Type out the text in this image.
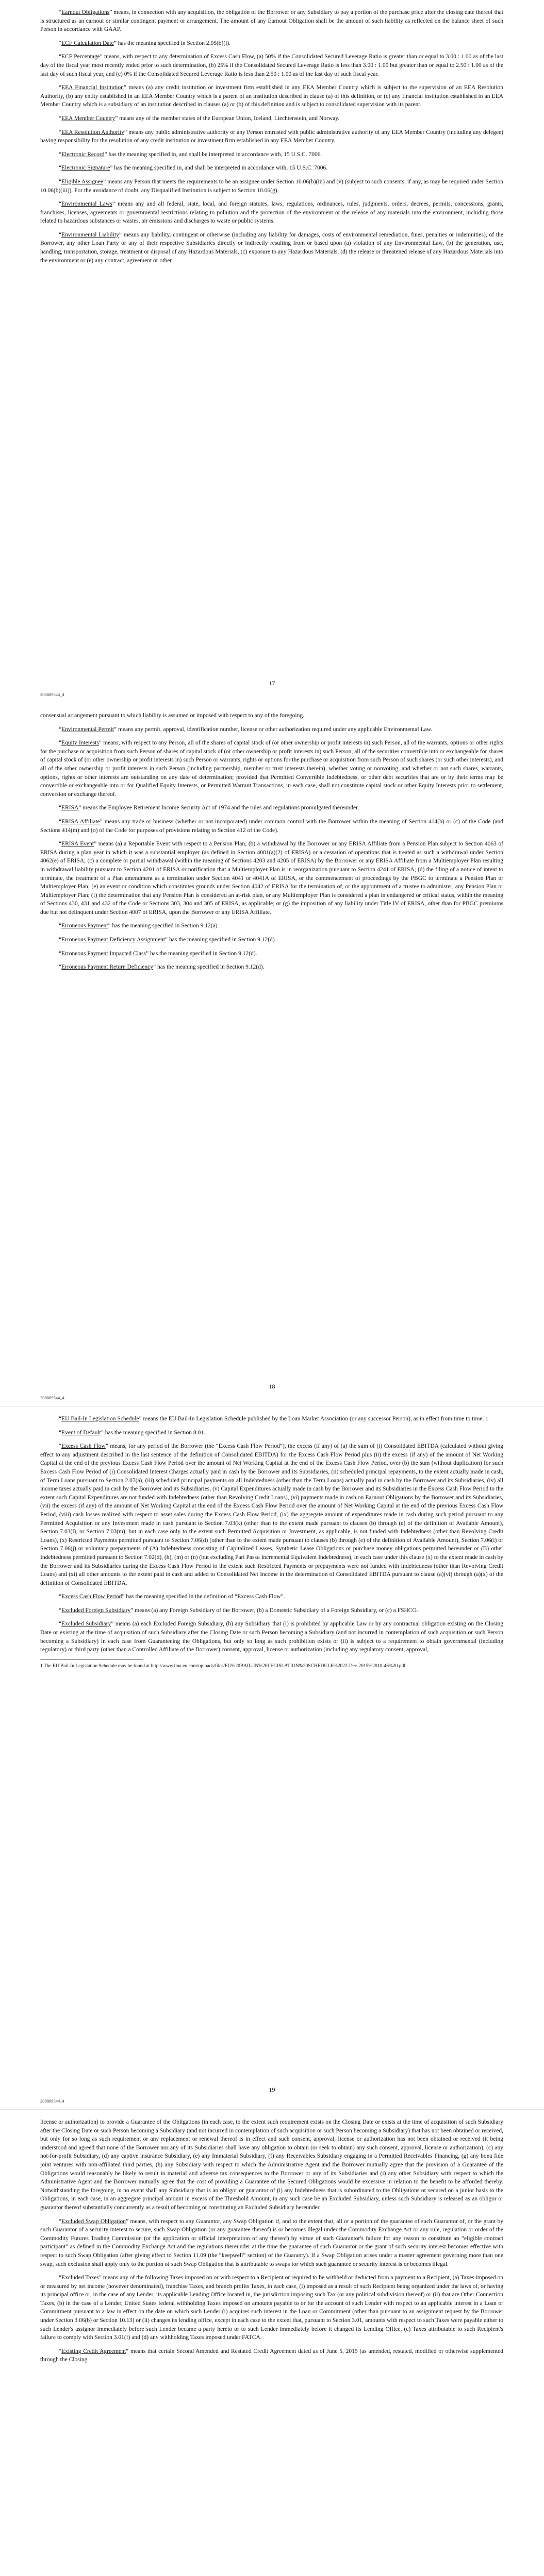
“Earnout Obligations” means, in connection with any acquisition, the obligation of the Borrower or any Subsidiary to pay a portion of the purchase price after the closing date thereof that is structured as an earnout or similar contingent payment or arrangement. The amount of any Earnout Obligation shall be the amount of such liability as reflected on the balance sheet of such Person in accordance with GAAP.

“ECF Calculation Date” has the meaning specified in Section 2.05(b)(i).

“ECF Percentage” means, with respect to any determination of Excess Cash Flow, (a) 50% if the Consolidated Secured Leverage Ratio is greater than or equal to 3.00 : 1.00 as of the last day of the fiscal year most recently ended prior to such determination, (b) 25% if the Consolidated Secured Leverage Ratio is less than 3.00 : 1.00 but greater than or equal to 2.50 : 1.00 as of the last day of such fiscal year, and (c) 0% if the Consolidated Secured Leverage Ratio is less than 2.50 : 1.00 as of the last day of such fiscal year.

“EEA Financial Institution” means (a) any credit institution or investment firm established in any EEA Member Country which is subject to the supervision of an EEA Resolution Authority, (b) any entity established in an EEA Member Country which is a parent of an institution described in clause (a) of this definition, or (c) any financial institution established in an EEA Member Country which is a subsidiary of an institution described in clauses (a) or (b) of this definition and is subject to consolidated supervision with its parent.

“EEA Member Country” means any of the member states of the European Union, Iceland, Liechtenstein, and Norway.

“EEA Resolution Authority” means any public administrative authority or any Person entrusted with public administrative authority of any EEA Member Country (including any delegee) having responsibility for the resolution of any credit institution or investment firm established in any EEA Member Country.

“Electronic Record” has the meaning specified in, and shall be interpreted in accordance with, 15 U.S.C. 7006.

“Electronic Signature” has the meaning specified in, and shall be interpreted in accordance with, 15 U.S.C. 7006.

“Eligible Assignee” means any Person that meets the requirements to be an assignee under Section 10.06(b)(iii) and (v) (subject to such consents, if any, as may be required under Section 10.06(b)(iii)). For the avoidance of doubt, any Disqualified Institution is subject to Section 10.06(g).

“Environmental Laws” means any and all federal, state, local, and foreign statutes, laws, regulations, ordinances, rules, judgments, orders, decrees, permits, concessions, grants, franchises, licenses, agreements or governmental restrictions relating to pollution and the protection of the environment or the release of any materials into the environment, including those related to hazardous substances or wastes, air emissions and discharges to waste or public systems.

“Environmental Liability” means any liability, contingent or otherwise (including any liability for damages, costs of environmental remediation, fines, penalties or indemnities), of the Borrower, any other Loan Party or any of their respective Subsidiaries directly or indirectly resulting from or based upon (a) violation of any Environmental Law, (b) the generation, use, handling, transportation, storage, treatment or disposal of any Hazardous Materials, (c) exposure to any Hazardous Materials, (d) the release or threatened release of any Hazardous Materials into the environment or (e) any contract, agreement or other

17
208809544_4

consensual arrangement pursuant to which liability is assumed or imposed with respect to any of the foregoing.

“Environmental Permit” means any permit, approval, identification number, license or other authorization required under any applicable Environmental Law.

“Equity Interests” means, with respect to any Person, all of the shares of capital stock of (or other ownership or profit interests in) such Person, all of the warrants, options or other rights for the purchase or acquisition from such Person of shares of capital stock of (or other ownership or profit interests in) such Person, all of the securities convertible into or exchangeable for shares of capital stock of (or other ownership or profit interests in) such Person or warrants, rights or options for the purchase or acquisition from such Person of such shares (or such other interests), and all of the other ownership or profit interests in such Person (including partnership, member or trust interests therein), whether voting or nonvoting, and whether or not such shares, warrants, options, rights or other interests are outstanding on any date of determination; provided that Permitted Convertible Indebtedness, or other debt securities that are or by their terms may be convertible or exchangeable into or for Qualified Equity Interests, or Permitted Warrant Transactions, in each case, shall not constitute capital stock or other Equity Interests prior to settlement, conversion or exchange thereof.

“ERISA” means the Employee Retirement Income Security Act of 1974 and the rules and regulations promulgated thereunder.

“ERISA Affiliate” means any trade or business (whether or not incorporated) under common control with the Borrower within the meaning of Section 414(b) or (c) of the Code (and Sections 414(m) and (o) of the Code for purposes of provisions relating to Section 412 of the Code).

“ERISA Event” means (a) a Reportable Event with respect to a Pension Plan; (b) a withdrawal by the Borrower or any ERISA Affiliate from a Pension Plan subject to Section 4063 of ERISA during a plan year in which it was a substantial employer (as defined in Section 4001(a)(2) of ERISA) or a cessation of operations that is treated as such a withdrawal under Section 4062(e) of ERISA; (c) a complete or partial withdrawal (within the meaning of Sections 4203 and 4205 of ERISA) by the Borrower or any ERISA Affiliate from a Multiemployer Plan resulting in withdrawal liability pursuant to Section 4201 of ERISA or notification that a Multiemployer Plan is in reorganization pursuant to Section 4241 of ERISA; (d) the filing of a notice of intent to terminate, the treatment of a Plan amendment as a termination under Section 4041 or 4041A of ERISA, or the commencement of proceedings by the PBGC to terminate a Pension Plan or Multiemployer Plan; (e) an event or condition which constitutes grounds under Section 4042 of ERISA for the termination of, or the appointment of a trustee to administer, any Pension Plan or Multiemployer Plan; (f) the determination that any Pension Plan is considered an at-risk plan, or any Multiemployer Plan is considered a plan in endangered or critical status, within the meaning of Sections 430, 431 and 432 of the Code or Sections 303, 304 and 305 of ERISA, as applicable; or (g) the imposition of any liability under Title IV of ERISA, other than for PBGC premiums due but not delinquent under Section 4007 of ERISA, upon the Borrower or any ERISA Affiliate.

“Erroneous Payment” has the meaning specified in Section 9.12(a).

“Erroneous Payment Deficiency Assignment” has the meaning specified in Section 9.12(d).

“Erroneous Payment Impacted Class” has the meaning specified in Section 9.12(d).

“Erroneous Payment Return Deficiency” has the meaning specified in Section 9.12(d).

18
208809544_4

“EU Bail-In Legislation Schedule” means the EU Bail-In Legislation Schedule published by the Loan Market Association (or any successor Person), as in effect from time to time. 1

“Event of Default” has the meaning specified in Section 8.01.

“Excess Cash Flow” means, for any period of the Borrower (the “Excess Cash Flow Period”), the excess (if any) of (a) the sum of (i) Consolidated EBITDA (calculated without giving effect to any adjustment described in the last sentence of the definition of Consolidated EBITDA) for the Excess Cash Flow Period plus (ii) the excess (if any) of the amount of Net Working Capital at the end of the previous Excess Cash Flow Period over the amount of Net Working Capital at the end of the Excess Cash Flow Period, over (b) the sum (without duplication) for such Excess Cash Flow Period of (i) Consolidated Interest Charges actually paid in cash by the Borrower and its Subsidiaries, (ii) scheduled principal repayments, to the extent actually made in cash, of Term Loans pursuant to Section 2.07(a), (iii) scheduled principal payments on all Indebtedness (other than the Term Loans) actually paid in cash by the Borrower and its Subsidiaries, (iv) all income taxes actually paid in cash by the Borrower and its Subsidiaries, (v) Capital Expenditures actually made in cash by the Borrower and its Subsidiaries in the Excess Cash Flow Period to the extent such Capital Expenditures are not funded with Indebtedness (other than Revolving Credit Loans), (vi) payments made in cash on Earnout Obligations by the Borrower and its Subsidiaries, (vii) the excess (if any) of the amount of Net Working Capital at the end of the Excess Cash Flow Period over the amount of Net Working Capital at the end of the previous Excess Cash Flow Period, (viii) cash losses realized with respect to asset sales during the Excess Cash Flow Period, (ix) the aggregate amount of expenditures made in cash during such period pursuant to any Permitted Acquisition or any Investment made in cash pursuant to Section 7.03(k) (other than to the extent made pursuant to clauses (b) through (e) of the definition of Available Amount), Section 7.03(l), or Section 7.03(m), but in each case only to the extent such Permitted Acquisition or Investment, as applicable, is not funded with Indebtedness (other than Revolving Credit Loans), (x) Restricted Payments permitted pursuant to Section 7.06(d) (other than to the extent made pursuant to clauses (b) through (e) of the definition of Available Amount), Section 7.06(i) or Section 7.06(j) or voluntary prepayments of (A) Indebtedness consisting of Capitalized Leases, Synthetic Lease Obligations or purchase money obligations permitted hereunder or (B) other Indebtedness permitted pursuant to Section 7.02(d), (h), (m) or (n) (but excluding Pari Passu Incremental Equivalent Indebtedness), in each case under this clause (x) to the extent made in cash by the Borrower and its Subsidiaries during the Excess Cash Flow Period to the extent such Restricted Payments or prepayments were not funded with Indebtedness (other than Revolving Credit Loans) and (xi) all other amounts to the extent paid in cash and added to Consolidated Net Income in the determination of Consolidated EBITDA pursuant to clause (a)(vi) through (a)(x) of the definition of Consolidated EBITDA.

“Excess Cash Flow Period” has the meaning specified in the definition of “Excess Cash Flow”.

“Excluded Foreign Subsidiary” means (a) any Foreign Subsidiary of the Borrower, (b) a Domestic Subsidiary of a Foreign Subsidiary, or (c) a FSHCO.

“Excluded Subsidiary” means (a) each Excluded Foreign Subsidiary, (b) any Subsidiary that (i) is prohibited by applicable Law or by any contractual obligation existing on the Closing Date or existing at the time of acquisition of such Subsidiary after the Closing Date or such Person becoming a Subsidiary (and not incurred in contemplation of such acquisition or such Person becoming a Subsidiary) in each case from Guaranteeing the Obligations, but only so long as such prohibition exists or (ii) is subject to a requirement to obtain governmental (including regulatory) or third party (other than a Controlled Affiliate of the Borrower) consent, approval, license or authorization (including any regulatory consent, approval,

1 The EU Bail-In Legislation Schedule may be found at http://www.lma.eu.com/uploads/files/EU%20BAIL-IN%20LEGISLATION%20SCHEDULE%2022-Dec-2015%2010-46%20.pdf

19
208809544_4

license or authorization) to provide a Guarantee of the Obligations (in each case, to the extent such requirement exists on the Closing Date or exists at the time of acquisition of such Subsidiary after the Closing Date or such Person becoming a Subsidiary (and not incurred in contemplation of such acquisition or such Person becoming a Subsidiary) that has not been obtained or received, but only for so long as such requirement or any replacement or renewal thereof is in effect and such consent, approval, license or authorization has not been obtained or received (it being understood and agreed that none of the Borrower nor any of its Subsidiaries shall have any obligation to obtain (or seek to obtain) any such consent, approval, license or authorization), (c) any not-for-profit Subsidiary, (d) any captive insurance Subsidiary, (e) any Immaterial Subsidiary, (f) any Receivables Subsidiary engaging in a Permitted Receivables Financing, (g) any bona fide joint ventures with non-affiliated third parties, (h) any Subsidiary with respect to which the Administrative Agent and the Borrower mutually agree that the provision of a Guarantee of the Obligations would reasonably be likely to result in material and adverse tax consequences to the Borrower or any of its Subsidiaries and (i) any other Subsidiary with respect to which the Administrative Agent and the Borrower mutually agree that the cost of providing a Guarantee of the Secured Obligations would be excessive in relation to the benefit to be afforded thereby. Notwithstanding the foregoing, in no event shall any Subsidiary that is an obligor or guarantor of (i) any Indebtedness that is subordinated to the Obligations or secured on a junior basis to the Obligations, in each case, in an aggregate principal amount in excess of the Threshold Amount, in any such case be an Excluded Subsidiary, unless such Subsidiary is released as an obligor or guarantor thereof substantially concurrently as a result of becoming or constituting an Excluded Subsidiary hereunder.

“Excluded Swap Obligation” means, with respect to any Guarantor, any Swap Obligation if, and to the extent that, all or a portion of the guarantee of such Guarantor of, or the grant by such Guarantor of a security interest to secure, such Swap Obligation (or any guarantee thereof) is or becomes illegal under the Commodity Exchange Act or any rule, regulation or order of the Commodity Futures Trading Commission (or the application or official interpretation of any thereof) by virtue of such Guarantor's failure for any reason to constitute an “eligible contract participant” as defined in the Commodity Exchange Act and the regulations thereunder at the time the guarantee of such Guarantor or the grant of such security interest becomes effective with respect to such Swap Obligation (after giving effect to Section 11.09 (the “keepwell” section) of the Guaranty). If a Swap Obligation arises under a master agreement governing more than one swap, such exclusion shall apply only to the portion of such Swap Obligation that is attributable to swaps for which such guarantee or security interest is or becomes illegal.

“Excluded Taxes” means any of the following Taxes imposed on or with respect to a Recipient or required to be withheld or deducted from a payment to a Recipient, (a) Taxes imposed on or measured by net income (however denominated), franchise Taxes, and branch profits Taxes, in each case, (i) imposed as a result of such Recipient being organized under the laws of, or having its principal office or, in the case of any Lender, its applicable Lending Office located in, the jurisdiction imposing such Tax (or any political subdivision thereof) or (ii) that are Other Connection Taxes, (b) in the case of a Lender, United States federal withholding Taxes imposed on amounts payable to or for the account of such Lender with respect to an applicable interest in a Loan or Commitment pursuant to a law in effect on the date on which such Lender (i) acquires such interest in the Loan or Commitment (other than pursuant to an assignment request by the Borrower under Section 3.06(b) or Section 10.13) or (ii) changes its lending office, except in each case to the extent that, pursuant to Section 3.01, amounts with respect to such Taxes were payable either to such Lender's assignor immediately before such Lender became a party hereto or to such Lender immediately before it changed its Lending Office, (c) Taxes attributable to such Recipient's failure to comply with Section 3.01(f) and (d) any withholding Taxes imposed under FATCA.

“Existing Credit Agreement” means that certain Second Amended and Restated Credit Agreement dated as of June 5, 2015 (as amended, restated, modified or otherwise supplemented through the Closing
